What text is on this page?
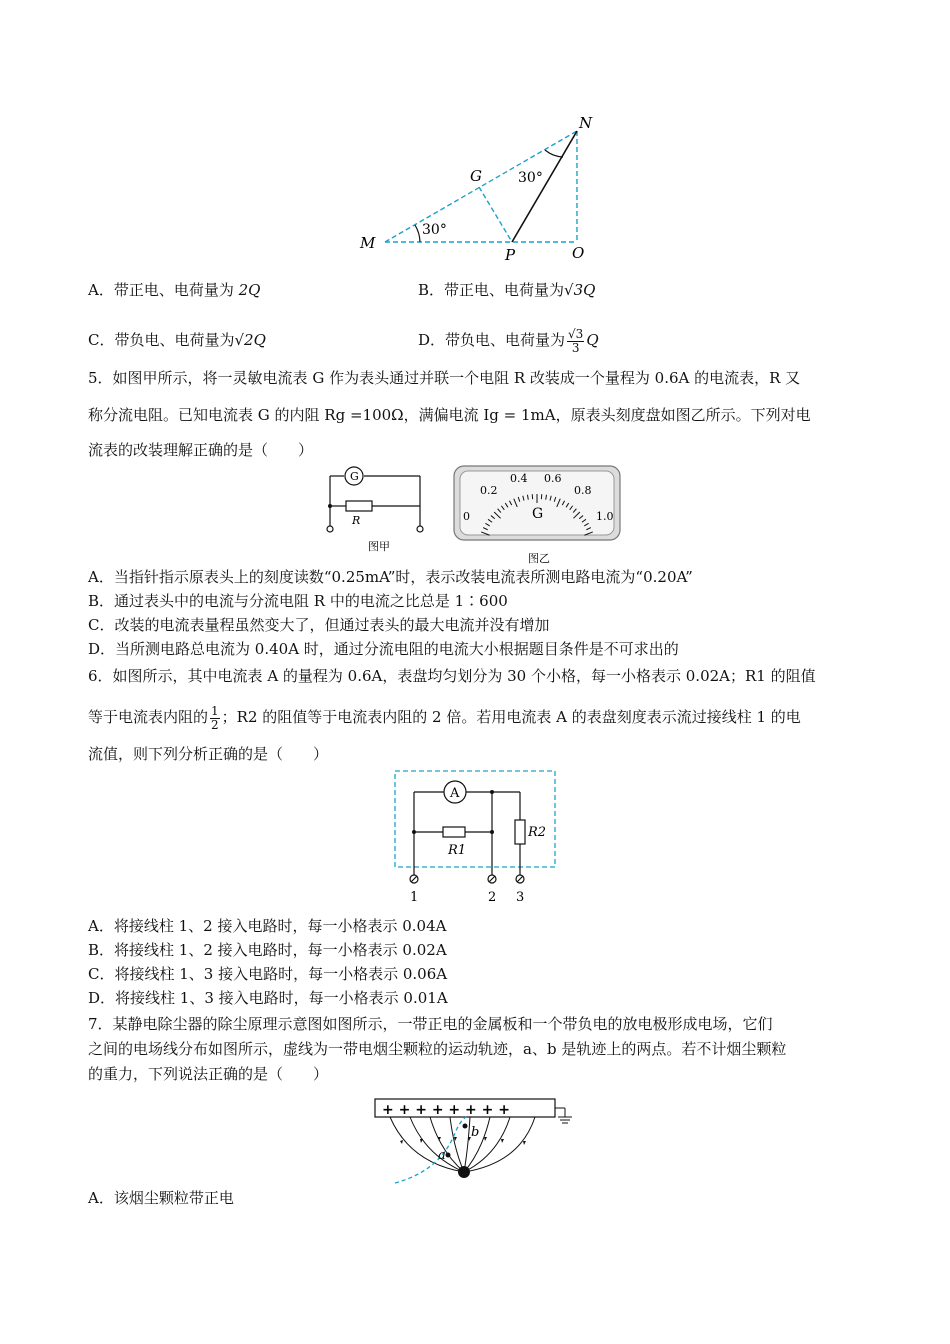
N
G
M
P	O
30°
30°
A．带正电、电荷量为 2Q	B．带正电、电荷量为√3Q
C．带负电、电荷量为√2Q	D．带负电、电荷量为 $\frac{√3}{3}$ Q
5．如图甲所示，将一灵敏电流表 G 作为表头通过并联一个电阻 R 改装成一个量程为 0.6A 的电流表，R 又
称分流电阻。已知电流表 G 的内阻 Rg =100Ω，满偏电流 Ig = 1mA，原表头刻度盘如图乙所示。下列对电
流表的改装理解正确的是（　　）
G
R
图甲
0
0.2
0.4 0.6
0.8
1.0
G
图乙
A．当指针指示原表头上的刻度读数“0.25mA”时，表示改装电流表所测电路电流为“0.20A”
B．通过表头中的电流与分流电阻 R 中的电流之比总是 1∶600
C．改装的电流表量程虽然变大了，但通过表头的最大电流并没有增加
D．当所测电路总电流为 0.40A 时，通过分流电阻的电流大小根据题目条件是不可求出的
6．如图所示，其中电流表 A 的量程为 0.6A，表盘均匀划分为 30 个小格，每一小格表示 0.02A；R1 的阻值
等于电流表内阻的 $\frac{1}{2}$ ；R2 的阻值等于电流表内阻的 2 倍。若用电流表 A 的表盘刻度表示流过接线柱 1 的电
流值，则下列分析正确的是（　　）
A
R1
R2
1	2 3
A．将接线柱 1、2 接入电路时，每一小格表示 0.04A
B．将接线柱 1、2 接入电路时，每一小格表示 0.02A
C．将接线柱 1、3 接入电路时，每一小格表示 0.06A
D．将接线柱 1、3 接入电路时，每一小格表示 0.01A
7．某静电除尘器的除尘原理示意图如图所示，一带正电的金属板和一个带负电的放电极形成电场，它们
之间的电场线分布如图所示，虚线为一带电烟尘颗粒的运动轨迹，a、b 是轨迹上的两点。若不计烟尘颗粒
的重力，下列说法正确的是（　　）
+ + + + + + + +
b
a
A．该烟尘颗粒带正电
